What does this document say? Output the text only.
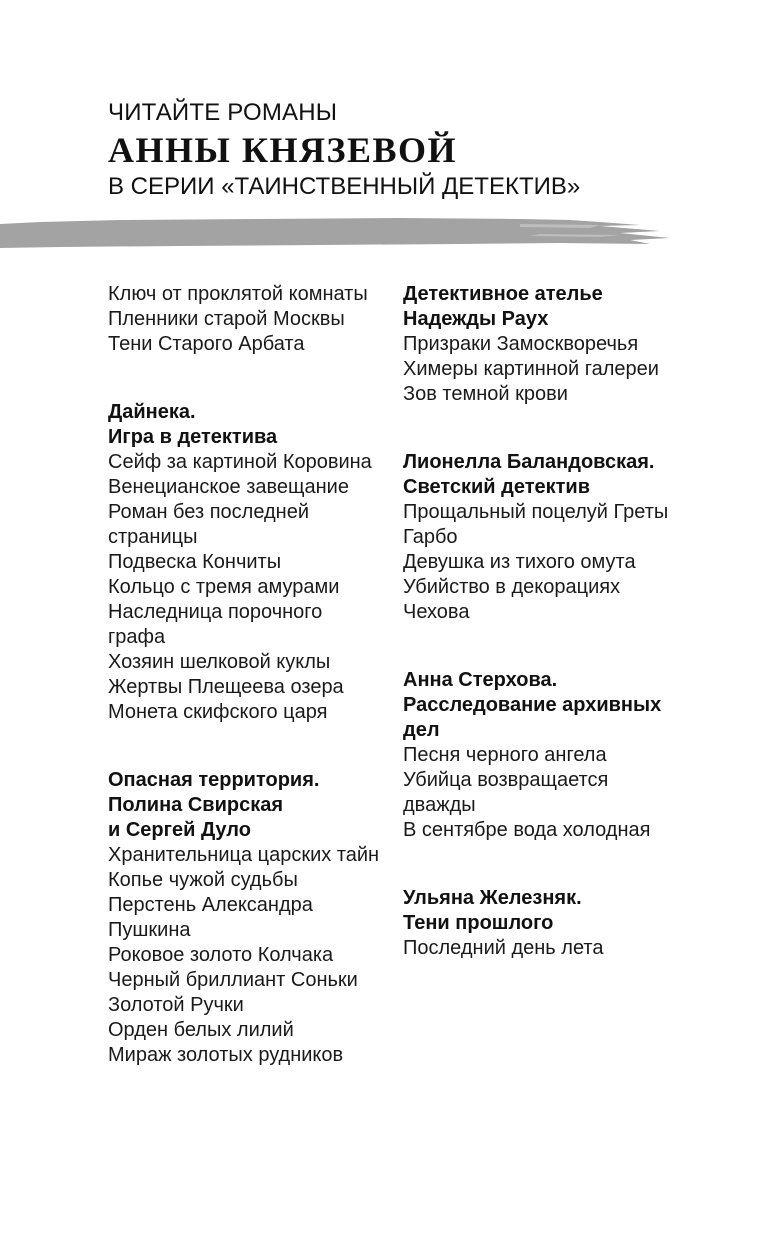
ЧИТАЙТЕ РОМАНЫ
АННЫ КНЯЗЕВОЙ
В СЕРИИ «ТАИНСТВЕННЫЙ ДЕТЕКТИВ»
Ключ от проклятой комнаты
Пленники старой Москвы
Тени Старого Арбата
Дайнека.
Игра в детектива
Сейф за картиной Коровина
Венецианское завещание
Роман без последней
страницы
Подвеска Кончиты
Кольцо с тремя амурами
Наследница порочного
графа
Хозяин шелковой куклы
Жертвы Плещеева озера
Монета скифского царя
Опасная территория.
Полина Свирская
и Сергей Дуло
Хранительница царских тайн
Копье чужой судьбы
Перстень Александра
Пушкина
Роковое золото Колчака
Черный бриллиант Соньки
Золотой Ручки
Орден белых лилий
Мираж золотых рудников
Детективное ателье
Надежды Раух
Призраки Замоскворечья
Химеры картинной галереи
Зов темной крови
Лионелла Баландовская.
Светский детектив
Прощальный поцелуй Греты
Гарбо
Девушка из тихого омута
Убийство в декорациях
Чехова
Анна Стерхова.
Расследование архивных
дел
Песня черного ангела
Убийца возвращается
дважды
В сентябре вода холодная
Ульяна Железняк.
Тени прошлого
Последний день лета
